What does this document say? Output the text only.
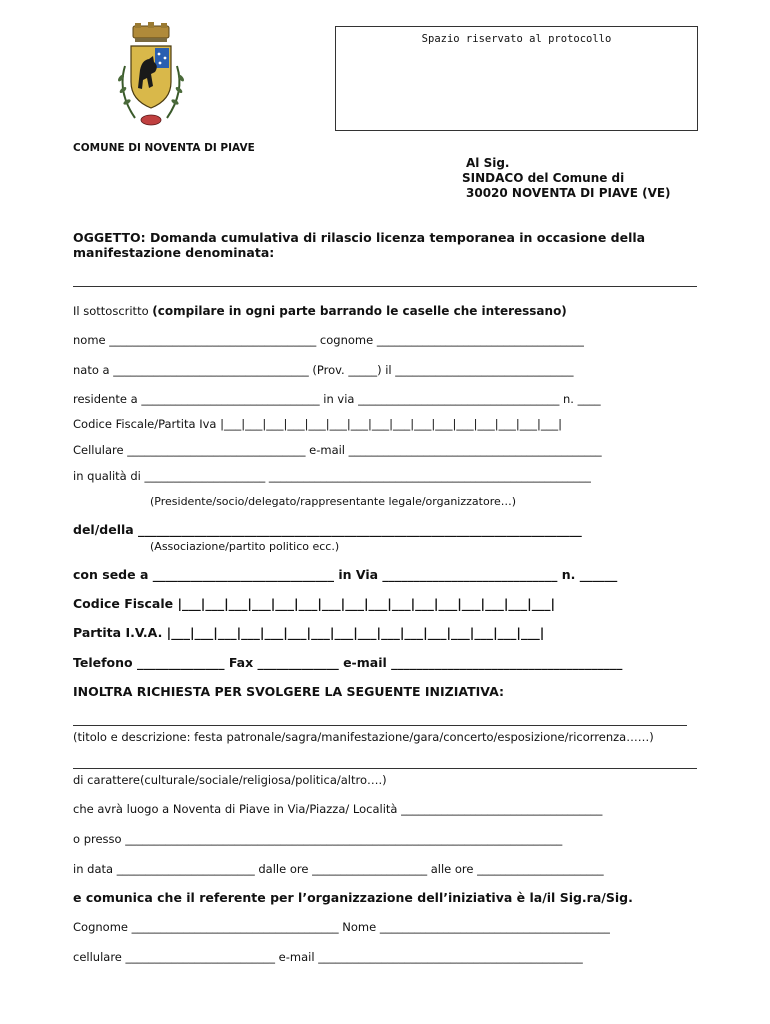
Spazio riservato al protocollo
COMUNE DI NOVENTA DI PIAVE
Al Sig.
SINDACO del Comune di
30020 NOVENTA DI PIAVE (VE)
OGGETTO: Domanda cumulativa di rilascio licenza temporanea in occasione della
manifestazione denominata:
Il sottoscritto (compilare in ogni parte barrando le caselle che interessano)
nome ____________________________________ cognome ____________________________________
nato a __________________________________ (Prov. _____) il _______________________________
residente a _______________________________ in via ___________________________________ n. ____
Codice Fiscale/Partita Iva |___|___|___|___|___|___|___|___|___|___|___|___|___|___|___|___|
Cellulare _______________________________ e-mail ____________________________________________
in qualità di _____________________ ________________________________________________________
(Presidente/socio/delegato/rappresentante legale/organizzatore…)
del/della _______________________________________________________________________
(Associazione/partito politico ecc.)
con sede a _____________________________ in Via ____________________________ n. ______
Codice Fiscale |___|___|___|___|___|___|___|___|___|___|___|___|___|___|___|___|
Partita I.V.A. |___|___|___|___|___|___|___|___|___|___|___|___|___|___|___|___|
Telefono ______________ Fax _____________ e-mail _____________________________________
INOLTRA RICHIESTA PER SVOLGERE LA SEGUENTE INIZIATIVA:
(titolo e descrizione: festa patronale/sagra/manifestazione/gara/concerto/esposizione/ricorrenza……)
di carattere(culturale/sociale/religiosa/politica/altro….)
che avrà luogo a Noventa di Piave in Via/Piazza/ Località ___________________________________
o presso ____________________________________________________________________________
in data ________________________ dalle ore ____________________ alle ore ______________________
e comunica che il referente per l’organizzazione dell’iniziativa è la/il Sig.ra/Sig.
Cognome ____________________________________ Nome ________________________________________
cellulare __________________________ e-mail ______________________________________________
